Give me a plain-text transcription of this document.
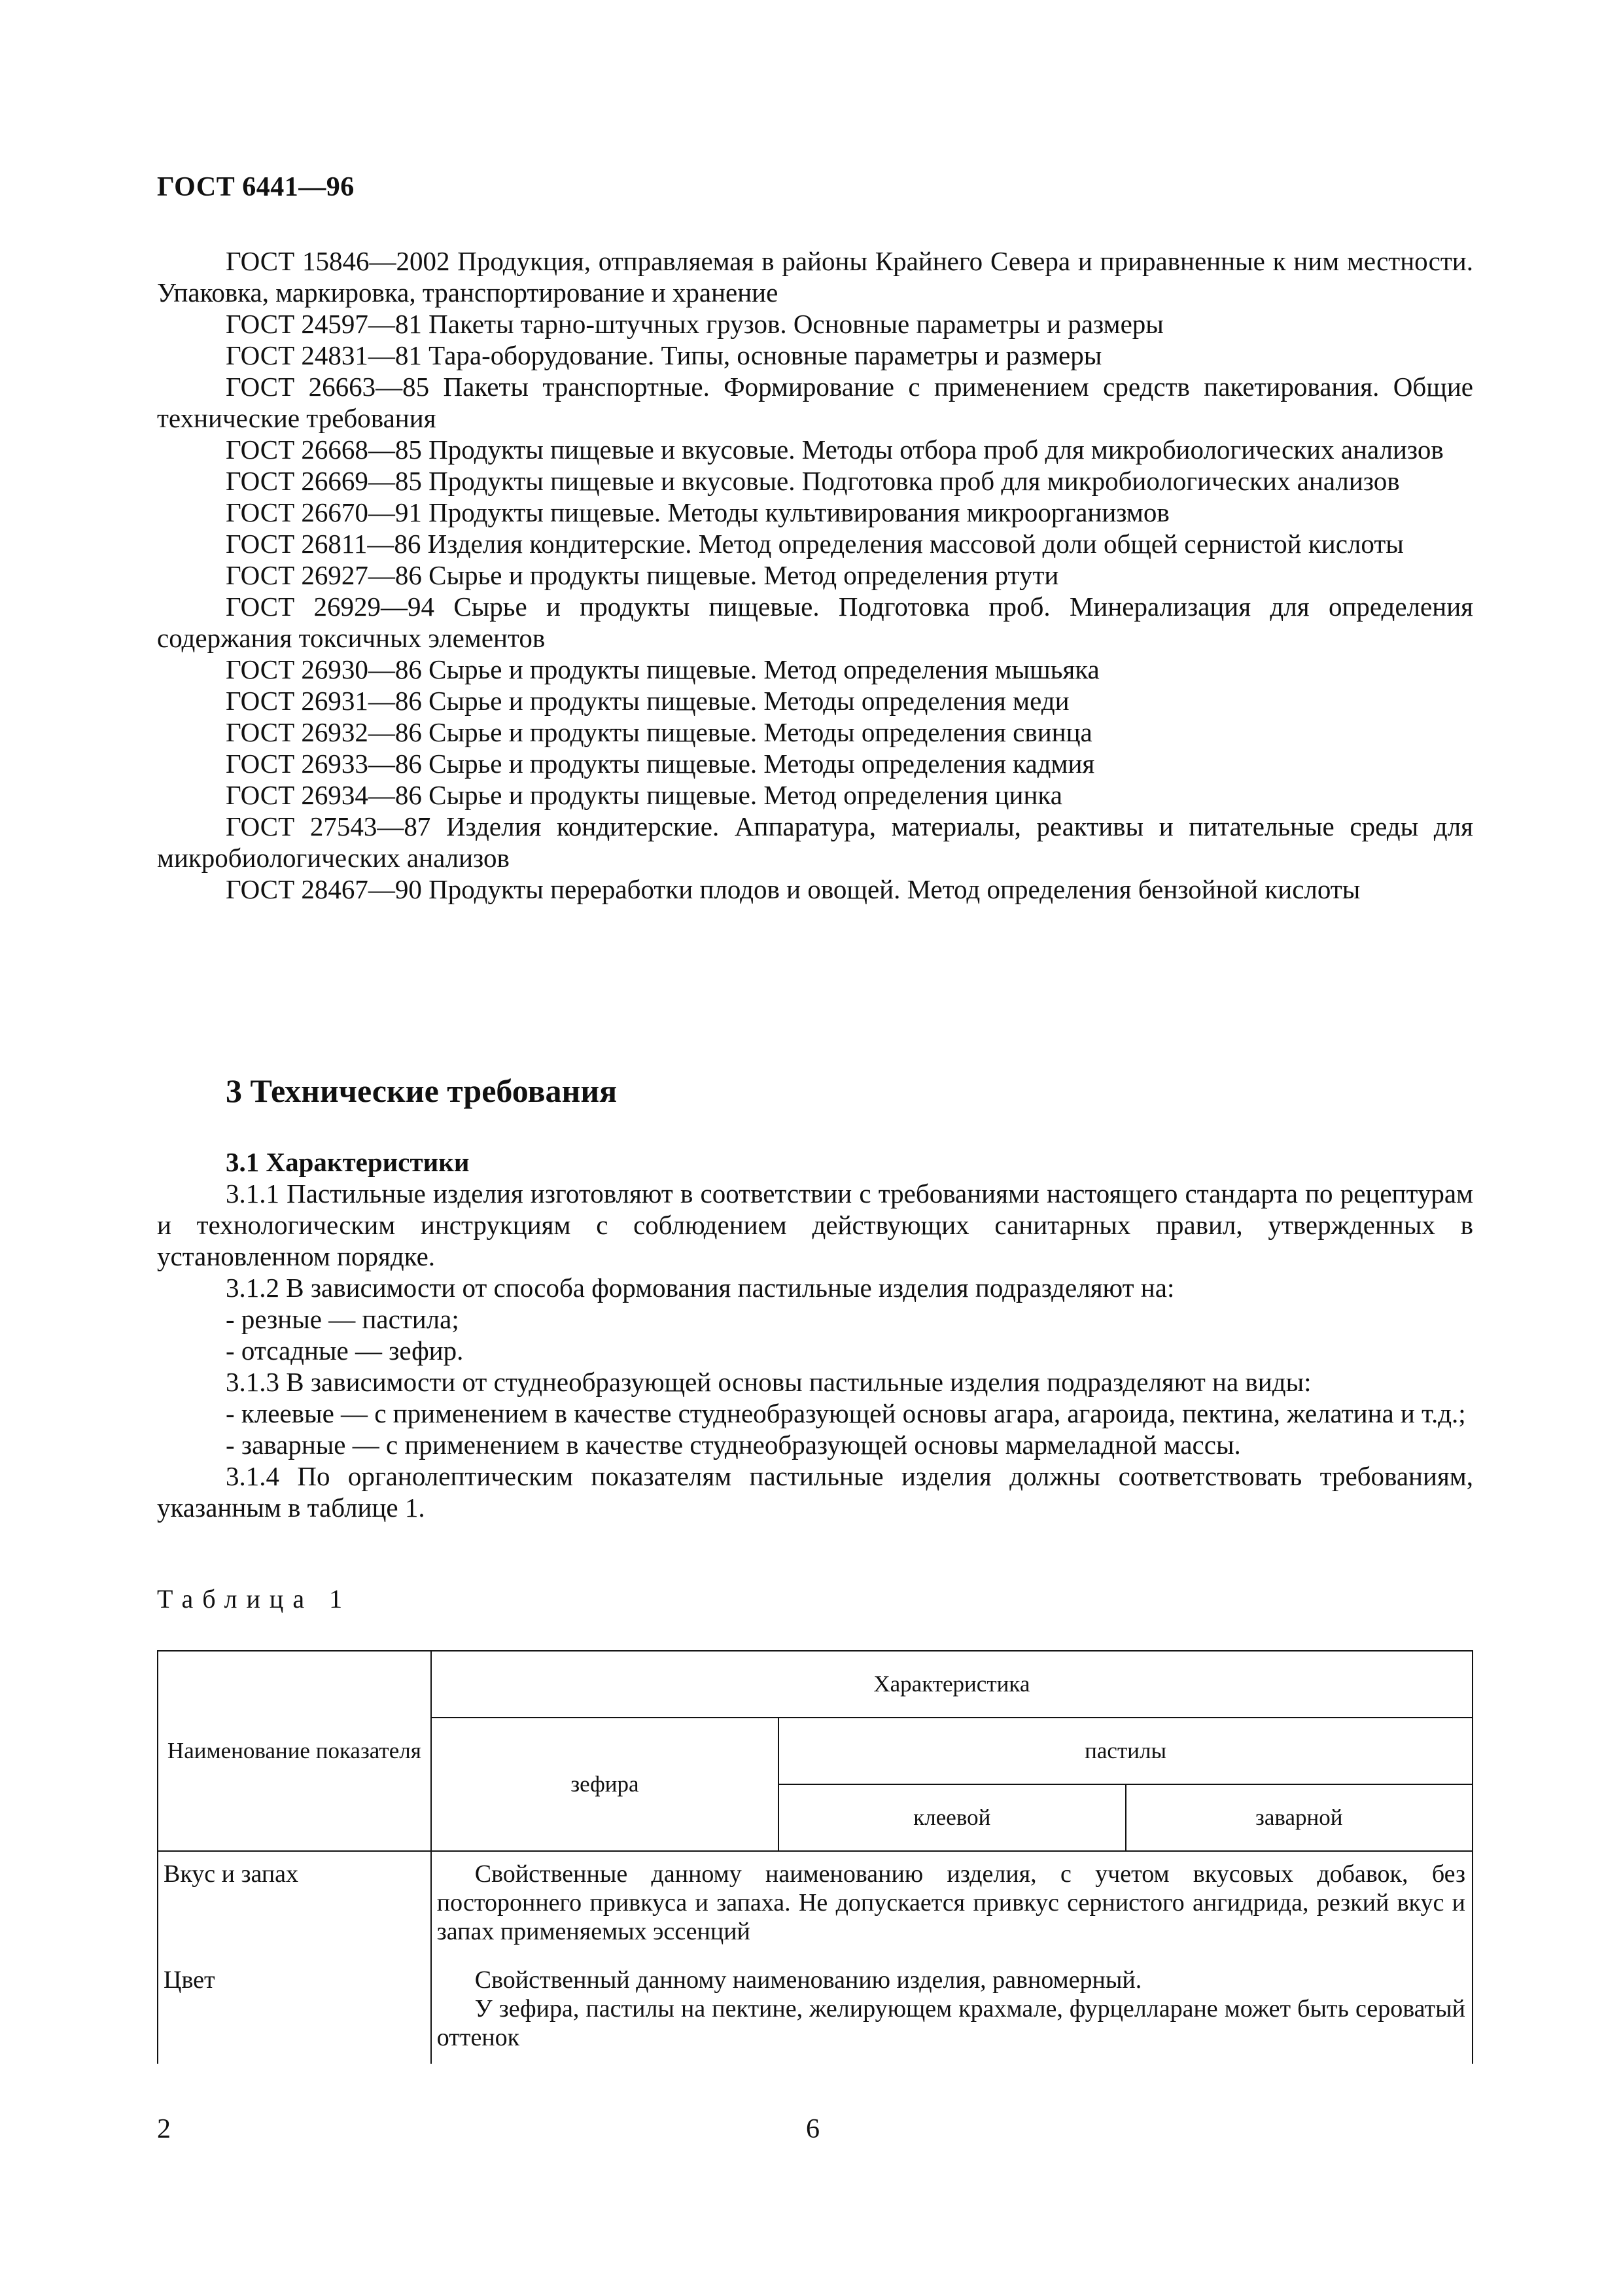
ГОСТ 6441—96

ГОСТ 15846—2002 Продукция, отправляемая в районы Крайнего Севера и приравненные к ним местности. Упаковка, маркировка, транспортирование и хранение

ГОСТ 24597—81 Пакеты тарно-штучных грузов. Основные параметры и размеры

ГОСТ 24831—81 Тара-оборудование. Типы, основные параметры и размеры

ГОСТ 26663—85 Пакеты транспортные. Формирование с применением средств пакетирования. Общие технические требования

ГОСТ 26668—85 Продукты пищевые и вкусовые. Методы отбора проб для микробиологических анализов

ГОСТ 26669—85 Продукты пищевые и вкусовые. Подготовка проб для микробиологических анализов

ГОСТ 26670—91 Продукты пищевые. Методы культивирования микроорганизмов

ГОСТ 26811—86 Изделия кондитерские. Метод определения массовой доли общей сернистой кислоты

ГОСТ 26927—86 Сырье и продукты пищевые. Метод определения ртути

ГОСТ 26929—94 Сырье и продукты пищевые. Подготовка проб. Минерализация для определения содержания токсичных элементов

ГОСТ 26930—86 Сырье и продукты пищевые. Метод определения мышьяка

ГОСТ 26931—86 Сырье и продукты пищевые. Методы определения меди

ГОСТ 26932—86 Сырье и продукты пищевые. Методы определения свинца

ГОСТ 26933—86 Сырье и продукты пищевые. Методы определения кадмия

ГОСТ 26934—86 Сырье и продукты пищевые. Метод определения цинка

ГОСТ 27543—87 Изделия кондитерские. Аппаратура, материалы, реактивы и питательные среды для микробиологических анализов

ГОСТ 28467—90 Продукты переработки плодов и овощей. Метод определения бензойной кислоты

3 Технические требования

3.1 Характеристики

3.1.1 Пастильные изделия изготовляют в соответствии с требованиями настоящего стандарта по рецептурам и технологическим инструкциям с соблюдением действующих санитарных правил, утвержденных в установленном порядке.

3.1.2 В зависимости от способа формования пастильные изделия подразделяют на:

- резные — пастила;

- отсадные — зефир.

3.1.3 В зависимости от студнеобразующей основы пастильные изделия подразделяют на виды:

- клеевые — с применением в качестве студнеобразующей основы агара, агароида, пектина, желатина и т.д.;

- заварные — с применением в качестве студнеобразующей основы мармеладной массы.

3.1.4 По органолептическим показателям пастильные изделия должны соответствовать требованиям, указанным в таблице 1.

Таблица 1
Наименование показателя	Характеристика		
	зефира	пастилы	
		клеевой	заварной
Вкус и запах	Свойственные данному наименованию изделия, с учетом вкусовых добавок, без постороннего привкуса и запаха. Не допускается привкус сернистого ангидрида, резкий вкус и запах применяемых эссенций		

Цвет	Свойственный данному наименованию изделия, равномерный.

У зефира, пастилы на пектине, желирующем крахмале, фурцелларане может быть сероватый оттенок		

2	6
